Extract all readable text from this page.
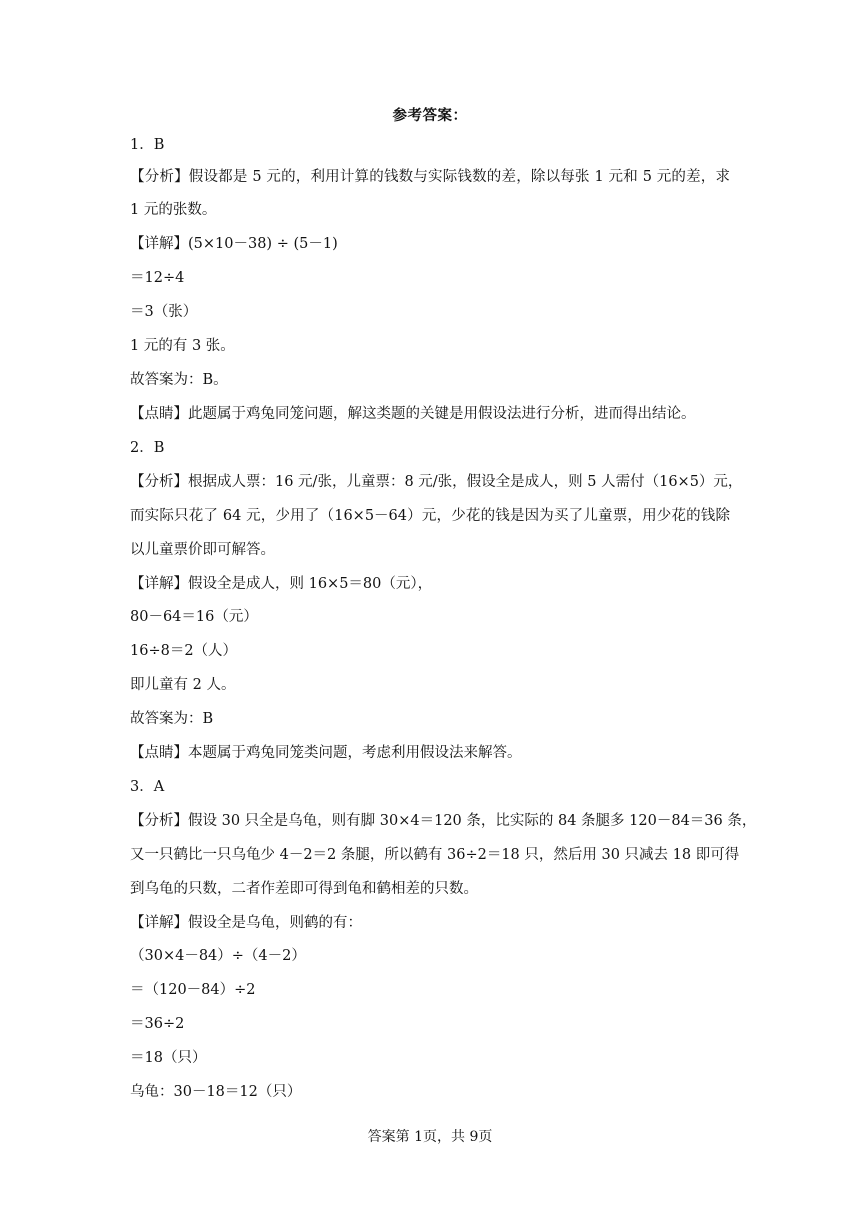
参考答案：
1．B
【分析】假设都是 5 元的，利用计算的钱数与实际钱数的差，除以每张 1 元和 5 元的差，求
1 元的张数。
【详解】(5×10－38) ÷ (5－1)
＝12÷4
＝3（张）
1 元的有 3 张。
故答案为：B。
【点睛】此题属于鸡兔同笼问题，解这类题的关键是用假设法进行分析，进而得出结论。
2．B
【分析】根据成人票：16 元/张，儿童票：8 元/张，假设全是成人，则 5 人需付（16×5）元，
而实际只花了 64 元，少用了（16×5－64）元，少花的钱是因为买了儿童票，用少花的钱除
以儿童票价即可解答。
【详解】假设全是成人，则 16×5＝80（元），
80－64＝16（元）
16÷8＝2（人）
即儿童有 2 人。
故答案为：B
【点睛】本题属于鸡兔同笼类问题，考虑利用假设法来解答。
3．A
【分析】假设 30 只全是乌龟，则有脚 30×4＝120 条，比实际的 84 条腿多 120－84＝36 条，
又一只鹤比一只乌龟少 4－2＝2 条腿，所以鹤有 36÷2＝18 只，然后用 30 只减去 18 即可得
到乌龟的只数，二者作差即可得到龟和鹤相差的只数。
【详解】假设全是乌龟，则鹤的有：
（30×4－84）÷（4－2）
＝（120－84）÷2
＝36÷2
＝18（只）
乌龟：30－18＝12（只）
答案第 1页，共 9页
